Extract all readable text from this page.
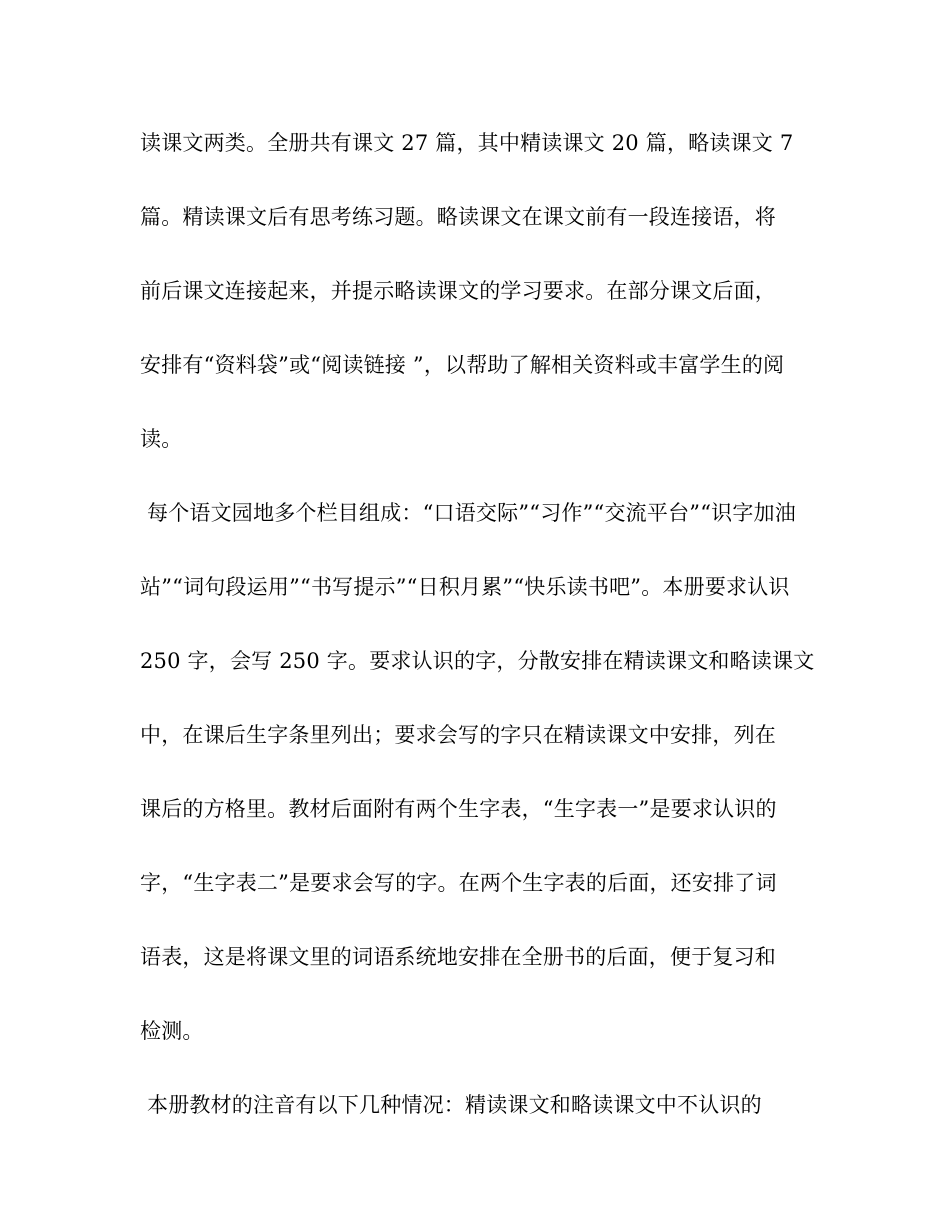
读课文两类。全册共有课文 27 篇，其中精读课文 20 篇，略读课文 7
篇。精读课文后有思考练习题。略读课文在课文前有一段连接语，将
前后课文连接起来，并提示略读课文的学习要求。在部分课文后面，
安排有“资料袋”或“阅读链接 ”，以帮助了解相关资料或丰富学生的阅
读。
每个语文园地多个栏目组成：“口语交际”“习作”“交流平台”“识字加油
站”“词句段运用”“书写提示”“日积月累”“快乐读书吧”。本册要求认识
250 字，会写 250 字。要求认识的字，分散安排在精读课文和略读课文
中，在课后生字条里列出；要求会写的字只在精读课文中安排，列在
课后的方格里。教材后面附有两个生字表，“生字表一”是要求认识的
字，“生字表二”是要求会写的字。在两个生字表的后面，还安排了词
语表，这是将课文里的词语系统地安排在全册书的后面，便于复习和
检测。
本册教材的注音有以下几种情况：精读课文和略读课文中不认识的
